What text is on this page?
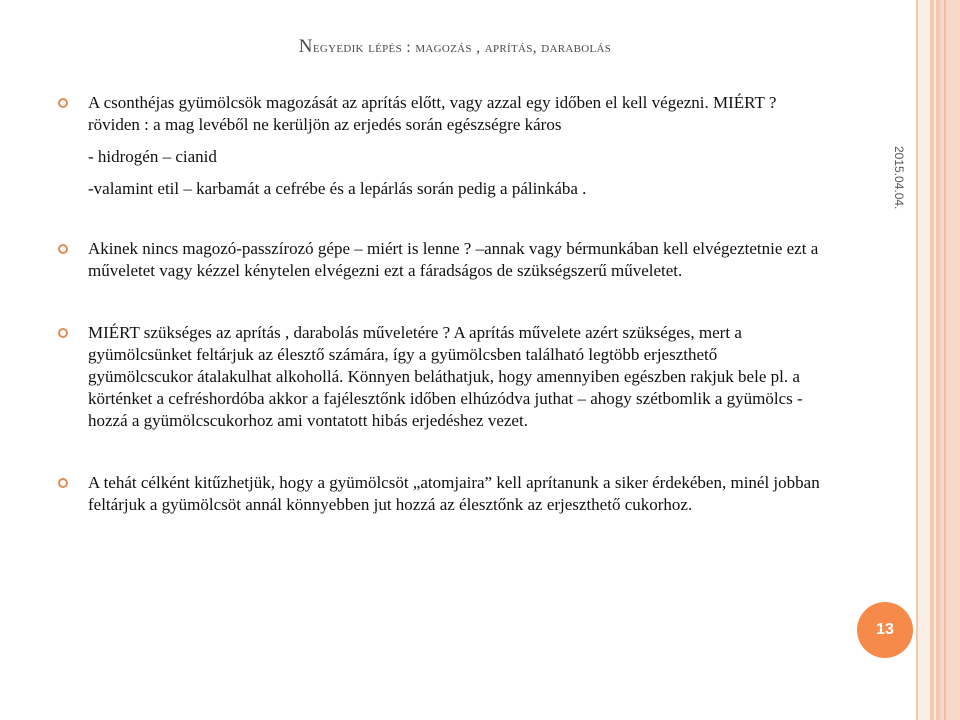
Negyedik lépés : magozás , aprítás, darabolás
2015.04.04.
A csonthéjas gyümölcsök magozását az aprítás előtt, vagy azzal egy időben el kell végezni. MIÉRT ? röviden : a mag levéből ne kerüljön az erjedés során egészségre káros
- hidrogén – cianid
-valamint etil – karbamát a cefrébe és a lepárlás során pedig a pálinkába .
Akinek nincs magozó-passzírozó gépe – miért is lenne ? –annak vagy bérmunkában kell elvégeztetnie ezt a műveletet vagy kézzel kénytelen elvégezni ezt a fáradságos de szükségszerű műveletet.
MIÉRT szükséges az aprítás , darabolás műveletére ? A aprítás művelete azért szükséges, mert a gyümölcsünket feltárjuk az élesztő számára, így a gyümölcsben található legtöbb erjeszthető gyümölcscukor átalakulhat alkohollá. Könnyen beláthatjuk, hogy amennyiben egészben rakjuk bele pl. a körténket a cefréshordóba akkor a fajélesztőnk időben elhúzódva juthat – ahogy szétbomlik a gyümölcs - hozzá a gyümölcscukorhoz ami vontatott hibás erjedéshez vezet.
A tehát célként kitűzhetjük, hogy a gyümölcsöt „atomjaira” kell aprítanunk a siker érdekében, minél jobban feltárjuk a gyümölcsöt annál könnyebben jut hozzá az élesztőnk az erjeszthető cukorhoz.
13
